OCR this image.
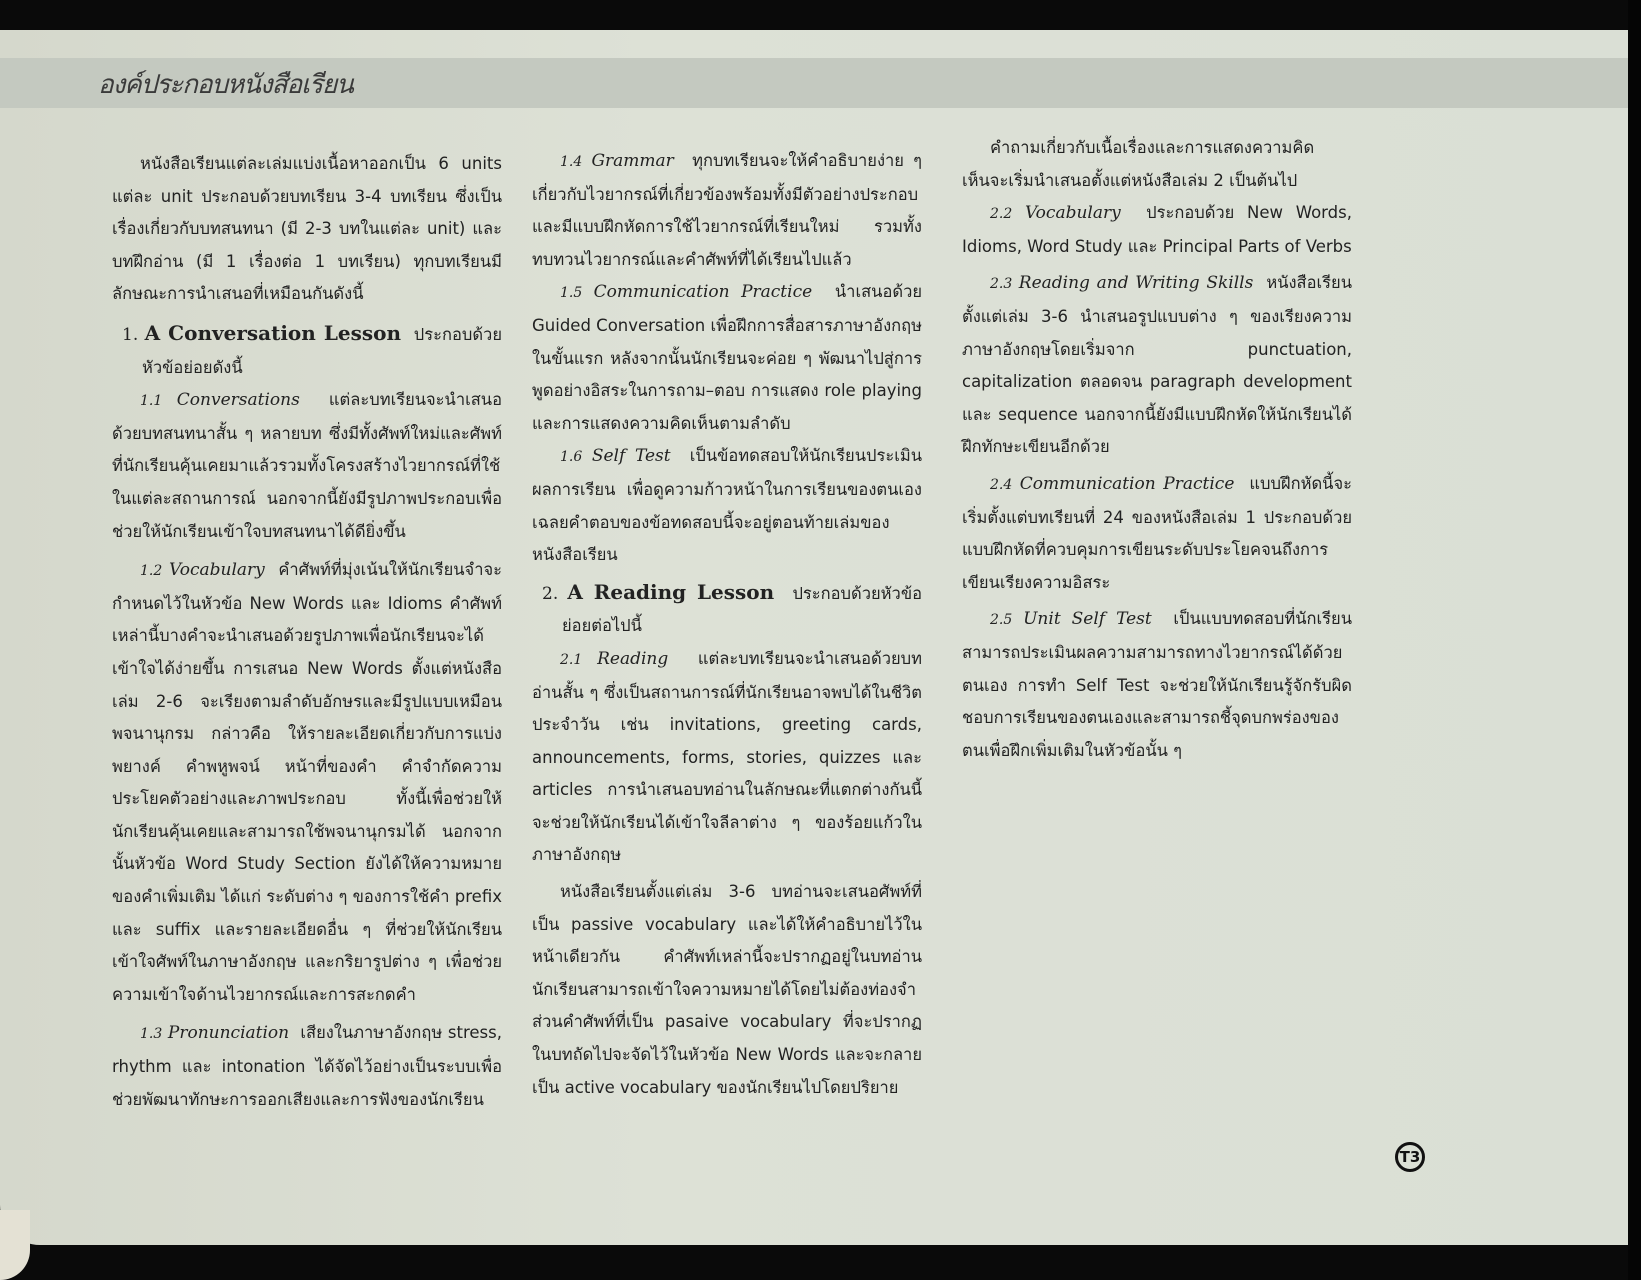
องค์ประกอบหนังสือเรียน

หนังสือเรียนแต่ละเล่มแบ่งเนื้อหาออกเป็น 6 units แต่ละ unit ประกอบด้วยบทเรียน 3-4 บทเรียน ซึ่งเป็นเรื่องเกี่ยวกับบทสนทนา (มี 2-3 บทในแต่ละ unit) และบทฝึกอ่าน (มี 1 เรื่องต่อ 1 บทเรียน) ทุกบทเรียนมีลักษณะการนำเสนอที่เหมือนกันดังนี้

1. A Conversation Lesson ประกอบด้วยหัวข้อย่อยดังนี้

1.1 Conversations แต่ละบทเรียนจะนำเสนอด้วยบทสนทนาสั้น ๆ หลายบท ซึ่งมีทั้งศัพท์ใหม่และศัพท์ที่นักเรียนคุ้นเคยมาแล้วรวมทั้งโครงสร้างไวยากรณ์ที่ใช้ในแต่ละสถานการณ์ นอกจากนี้ยังมีรูปภาพประกอบเพื่อช่วยให้นักเรียนเข้าใจบทสนทนาได้ดียิ่งขึ้น

1.2 Vocabulary คำศัพท์ที่มุ่งเน้นให้นักเรียนจำจะกำหนดไว้ในหัวข้อ New Words และ Idioms คำศัพท์เหล่านี้บางคำจะนำเสนอด้วยรูปภาพเพื่อนักเรียนจะได้เข้าใจได้ง่ายขึ้น การเสนอ New Words ตั้งแต่หนังสือเล่ม 2-6 จะเรียงตามลำดับอักษรและมีรูปแบบเหมือนพจนานุกรม กล่าวคือ ให้รายละเอียดเกี่ยวกับการแบ่งพยางค์ คำพหูพจน์ หน้าที่ของคำ คำจำกัดความ ประโยคตัวอย่างและภาพประกอบ ทั้งนี้เพื่อช่วยให้นักเรียนคุ้นเคยและสามารถใช้พจนานุกรมได้ นอกจากนั้นหัวข้อ Word Study Section ยังได้ให้ความหมายของคำเพิ่มเติม ได้แก่ ระดับต่าง ๆ ของการใช้คำ prefix และ suffix และรายละเอียดอื่น ๆ ที่ช่วยให้นักเรียนเข้าใจศัพท์ในภาษาอังกฤษ และกริยารูปต่าง ๆ เพื่อช่วยความเข้าใจด้านไวยากรณ์และการสะกดคำ

1.3 Pronunciation เสียงในภาษาอังกฤษ stress, rhythm และ intonation ได้จัดไว้อย่างเป็นระบบเพื่อช่วยพัฒนาทักษะการออกเสียงและการฟังของนักเรียน

1.4 Grammar ทุกบทเรียนจะให้คำอธิบายง่าย ๆ เกี่ยวกับไวยากรณ์ที่เกี่ยวข้องพร้อมทั้งมีตัวอย่างประกอบ และมีแบบฝึกหัดการใช้ไวยากรณ์ที่เรียนใหม่ รวมทั้งทบทวนไวยากรณ์และคำศัพท์ที่ได้เรียนไปแล้ว

1.5 Communication Practice นำเสนอด้วย Guided Conversation เพื่อฝึกการสื่อสารภาษาอังกฤษในขั้นแรก หลังจากนั้นนักเรียนจะค่อย ๆ พัฒนาไปสู่การพูดอย่างอิสระในการถาม–ตอบ การแสดง role playing และการแสดงความคิดเห็นตามลำดับ

1.6 Self Test เป็นข้อทดสอบให้นักเรียนประเมินผลการเรียน เพื่อดูความก้าวหน้าในการเรียนของตนเอง เฉลยคำตอบของข้อทดสอบนี้จะอยู่ตอนท้ายเล่มของหนังสือเรียน

2. A Reading Lesson ประกอบด้วยหัวข้อย่อยต่อไปนี้

2.1 Reading แต่ละบทเรียนจะนำเสนอด้วยบทอ่านสั้น ๆ ซึ่งเป็นสถานการณ์ที่นักเรียนอาจพบได้ในชีวิตประจำวัน เช่น invitations, greeting cards, announcements, forms, stories, quizzes และ articles การนำเสนอบทอ่านในลักษณะที่แตกต่างกันนี้จะช่วยให้นักเรียนได้เข้าใจลีลาต่าง ๆ ของร้อยแก้วในภาษาอังกฤษ

หนังสือเรียนตั้งแต่เล่ม 3-6 บทอ่านจะเสนอศัพท์ที่เป็น passive vocabulary และได้ให้คำอธิบายไว้ในหน้าเดียวกัน คำศัพท์เหล่านี้จะปรากฏอยู่ในบทอ่าน นักเรียนสามารถเข้าใจความหมายได้โดยไม่ต้องท่องจำ ส่วนคำศัพท์ที่เป็น pasaive vocabulary ที่จะปรากฏในบทถัดไปจะจัดไว้ในหัวข้อ New Words และจะกลายเป็น active vocabulary ของนักเรียนไปโดยปริยาย

คำถามเกี่ยวกับเนื้อเรื่องและการแสดงความคิดเห็นจะเริ่มนำเสนอตั้งแต่หนังสือเล่ม 2 เป็นต้นไป

2.2 Vocabulary ประกอบด้วย New Words, Idioms, Word Study และ Principal Parts of Verbs

2.3 Reading and Writing Skills หนังสือเรียนตั้งแต่เล่ม 3-6 นำเสนอรูปแบบต่าง ๆ ของเรียงความภาษาอังกฤษโดยเริ่มจาก punctuation, capitalization ตลอดจน paragraph development และ sequence นอกจากนี้ยังมีแบบฝึกหัดให้นักเรียนได้ฝึกทักษะเขียนอีกด้วย

2.4 Communication Practice แบบฝึกหัดนี้จะเริ่มตั้งแต่บทเรียนที่ 24 ของหนังสือเล่ม 1 ประกอบด้วยแบบฝึกหัดที่ควบคุมการเขียนระดับประโยคจนถึงการเขียนเรียงความอิสระ

2.5 Unit Self Test เป็นแบบทดสอบที่นักเรียนสามารถประเมินผลความสามารถทางไวยากรณ์ได้ด้วยตนเอง การทำ Self Test จะช่วยให้นักเรียนรู้จักรับผิดชอบการเรียนของตนเองและสามารถชี้จุดบกพร่องของตนเพื่อฝึกเพิ่มเติมในหัวข้อนั้น ๆ

T3
